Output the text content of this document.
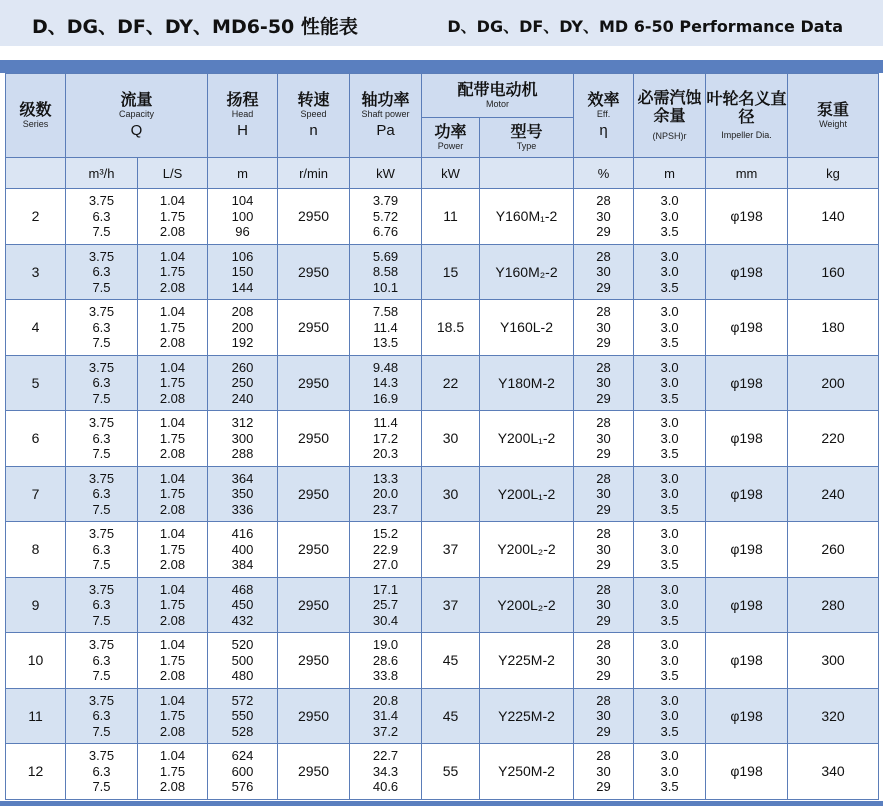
D、DG、DF、DY、MD6-50 性能表	D、DG、DF、DY、MD 6-50 Performance Data
级数
Series	流量
Capacity
Q		扬程
Head
H	转速
Speed
n	轴功率
Shaft power
Pa	配带电动机
Motor		效率
Eff.
η	必需汽蚀余量
(NPSH)r	叶轮名义直径
Impeller Dia.	泵重
Weight

						功率
Power	型号
Type				

	m³/h	L/S	m	r/min	kW	kW		%	m	mm	kg
2	3.75
6.3
7.5	1.04
1.75
2.08	104
100
96	2950	3.79
5.72
6.76	11	Y160M₁-2	28
30
29	3.0
3.0
3.5	φ198	140
3	3.75
6.3
7.5	1.04
1.75
2.08	106
150
144	2950	5.69
8.58
10.1	15	Y160M₂-2	28
30
29	3.0
3.0
3.5	φ198	160
4	3.75
6.3
7.5	1.04
1.75
2.08	208
200
192	2950	7.58
11.4
13.5	18.5	Y160L-2	28
30
29	3.0
3.0
3.5	φ198	180
5	3.75
6.3
7.5	1.04
1.75
2.08	260
250
240	2950	9.48
14.3
16.9	22	Y180M-2	28
30
29	3.0
3.0
3.5	φ198	200
6	3.75
6.3
7.5	1.04
1.75
2.08	312
300
288	2950	11.4
17.2
20.3	30	Y200L₁-2	28
30
29	3.0
3.0
3.5	φ198	220
7	3.75
6.3
7.5	1.04
1.75
2.08	364
350
336	2950	13.3
20.0
23.7	30	Y200L₁-2	28
30
29	3.0
3.0
3.5	φ198	240
8	3.75
6.3
7.5	1.04
1.75
2.08	416
400
384	2950	15.2
22.9
27.0	37	Y200L₂-2	28
30
29	3.0
3.0
3.5	φ198	260
9	3.75
6.3
7.5	1.04
1.75
2.08	468
450
432	2950	17.1
25.7
30.4	37	Y200L₂-2	28
30
29	3.0
3.0
3.5	φ198	280
10	3.75
6.3
7.5	1.04
1.75
2.08	520
500
480	2950	19.0
28.6
33.8	45	Y225M-2	28
30
29	3.0
3.0
3.5	φ198	300
11	3.75
6.3
7.5	1.04
1.75
2.08	572
550
528	2950	20.8
31.4
37.2	45	Y225M-2	28
30
29	3.0
3.0
3.5	φ198	320
12	3.75
6.3
7.5	1.04
1.75
2.08	624
600
576	2950	22.7
34.3
40.6	55	Y250M-2	28
30
29	3.0
3.0
3.5	φ198	340
